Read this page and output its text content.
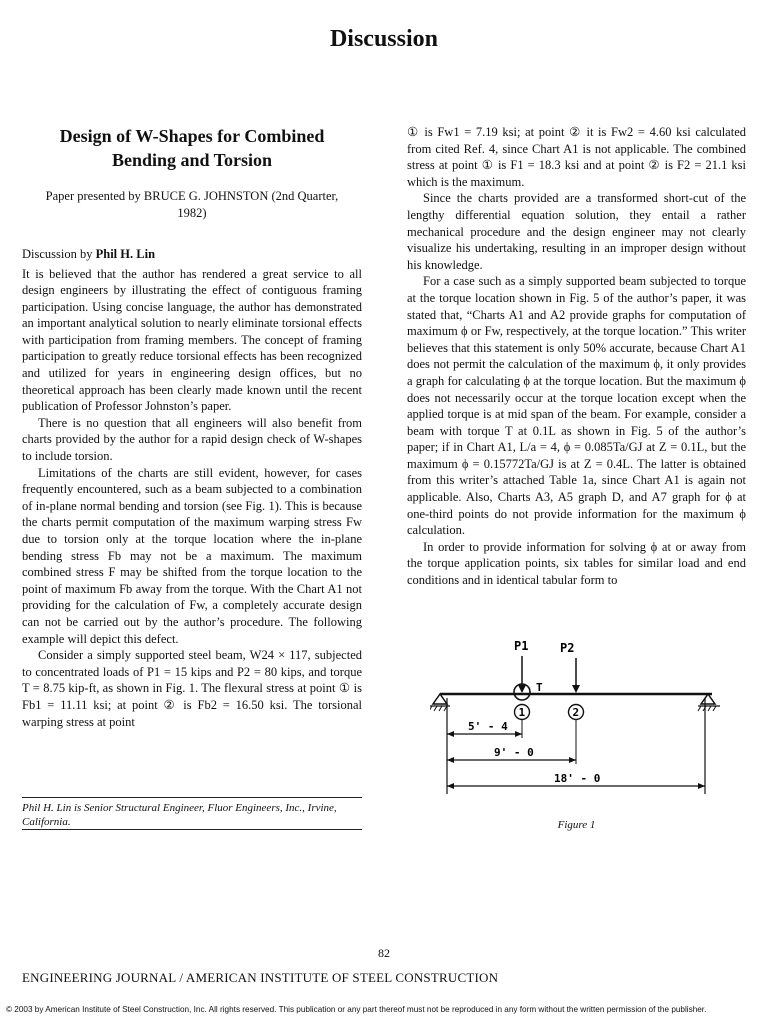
Discussion
Design of W-Shapes for Combined
Bending and Torsion
Paper presented by BRUCE G. JOHNSTON (2nd Quarter, 1982)
Discussion by Phil H. Lin

It is believed that the author has rendered a great service to all design engineers by illustrating the effect of contiguous framing participation. Using concise language, the author has demonstrated an important analytical solution to nearly eliminate torsional effects with participation from framing members. The concept of framing participation to greatly reduce torsional effects has been recognized and utilized for years in engineering design offices, but no theoretical approach has been clearly made known until the recent publication of Professor Johnston’s paper.

There is no question that all engineers will also benefit from charts provided by the author for a rapid design check of W-shapes to include torsion.

Limitations of the charts are still evident, however, for cases frequently encountered, such as a beam subjected to a combination of in-plane normal bending and torsion (see Fig. 1). This is because the charts permit computation of the maximum warping stress Fw due to torsion only at the torque location where the in-plane bending stress Fb may not be a maximum. The maximum combined stress F may be shifted from the torque location to the point of maximum Fb away from the torque. With the Chart A1 not providing for the calculation of Fw, a completely accurate design can not be carried out by the author’s procedure. The following example will depict this defect.

Consider a simply supported steel beam, W24 × 117, subjected to concentrated loads of P1 = 15 kips and P2 = 80 kips, and torque T = 8.75 kip-ft, as shown in Fig. 1. The flexural stress at point ① is Fb1 = 11.11 ksi; at point ② is Fb2 = 16.50 ksi. The torsional warping stress at point

Phil H. Lin is Senior Structural Engineer, Fluor Engineers, Inc., Irvine, California.

① is Fw1 = 7.19 ksi; at point ② it is Fw2 = 4.60 ksi calculated from cited Ref. 4, since Chart A1 is not applicable. The combined stress at point ① is F1 = 18.3 ksi and at point ② is F2 = 21.1 ksi which is the maximum.

Since the charts provided are a transformed short-cut of the lengthy differential equation solution, they entail a rather mechanical procedure and the design engineer may not clearly visualize his undertaking, resulting in an improper design without his knowledge.

For a case such as a simply supported beam subjected to torque at the torque location shown in Fig. 5 of the author’s paper, it was stated that, “Charts A1 and A2 provide graphs for computation of maximum ϕ or Fw, respectively, at the torque location.” This writer believes that this statement is only 50% accurate, because Chart A1 does not permit the calculation of the maximum ϕ, it only provides a graph for calculating ϕ at the torque location. But the maximum ϕ does not necessarily occur at the torque location except when the applied torque is at mid span of the beam. For example, consider a beam with torque T at 0.1L as shown in Fig. 5 of the author’s paper; if in Chart A1, L/a = 4, ϕ = 0.085Ta/GJ at Z = 0.1L, but the maximum ϕ = 0.15772Ta/GJ is at Z = 0.4L. The latter is obtained from this writer’s attached Table 1a, since Chart A1 is again not applicable. Also, Charts A3, A5 graph D, and A7 graph for ϕ at one-third points do not provide information for the maximum ϕ calculation.

In order to provide information for solving ϕ at or away from the torque application points, six tables for similar load and end conditions and in identical tabular form to

P1	P2
T
1	2
5' - 4
9' - 0
18' - 0
Figure 1
82
ENGINEERING JOURNAL / AMERICAN INSTITUTE OF STEEL CONSTRUCTION
© 2003 by American Institute of Steel Construction, Inc. All rights reserved. This publication or any part thereof must not be reproduced in any form without the written permission of the publisher.
